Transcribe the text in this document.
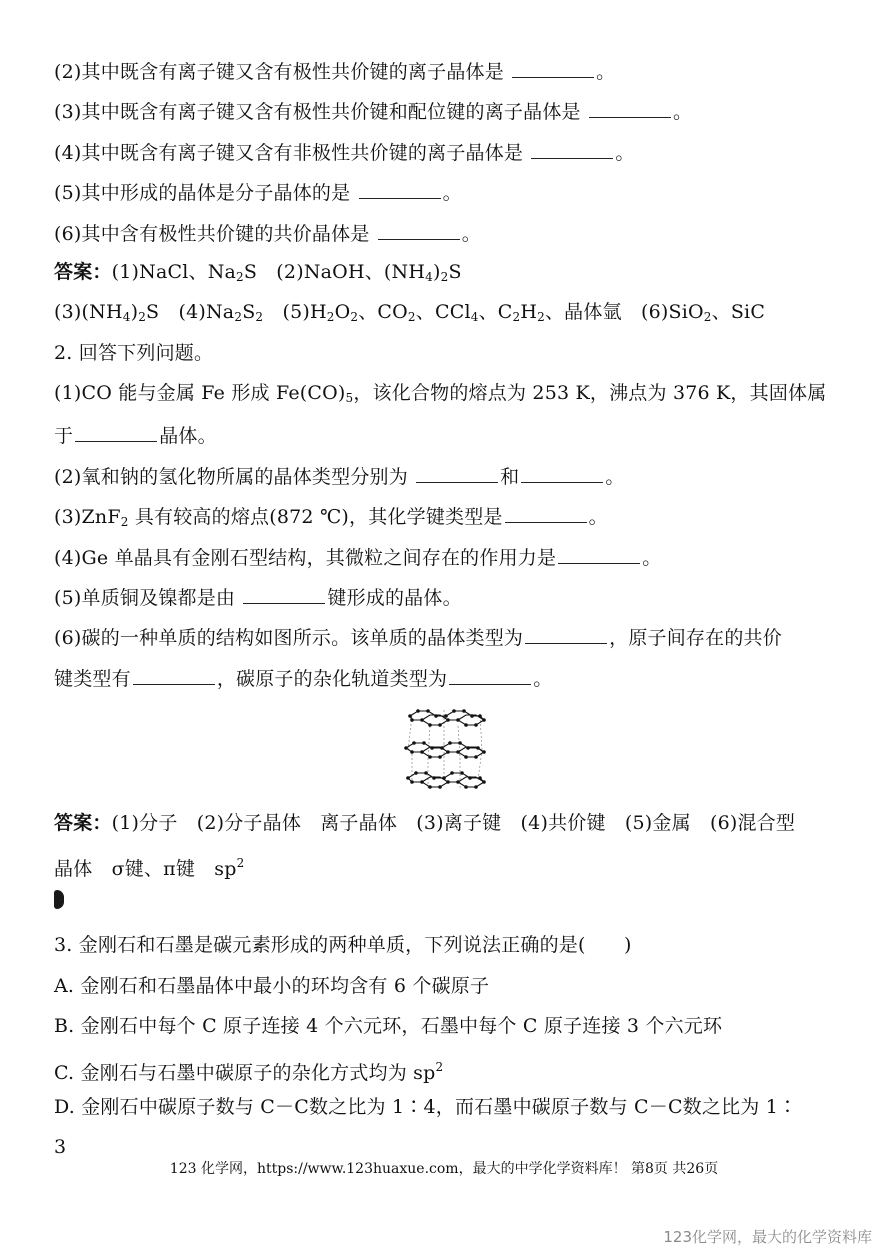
(2)其中既含有离子键又含有极性共价键的离子晶体是	。
(3)其中既含有离子键又含有极性共价键和配位键的离子晶体是	。
(4)其中既含有离子键又含有非极性共价键的离子晶体是	。
(5)其中形成的晶体是分子晶体的是	。
(6)其中含有极性共价键的共价晶体是	。
答案：(1)NaCl、$Na_2S$　(2)NaOH、$(NH_4)_2S$
$(3)(NH_4)_2S$　$(4)Na_2S_2$　$(5)H_2O_2$、$CO_2$、CCl$_4$、$C_2H_2$、晶体氩　(6)SiO$_2$、SiC
2. 回答下列问题。
(1)CO 能与金属 Fe 形成 $Fe(CO)_5$，该化合物的熔点为 253 K，沸点为 376 K，其固体属
于	晶体。
(2)氧和钠的氢化物所属的晶体类型分别为	和	。
(3)ZnF$_2$ 具有较高的熔点(872 ℃)，其化学键类型是	。
(4)Ge 单晶具有金刚石型结构，其微粒之间存在的作用力是	。
(5)单质铜及镍都是由	键形成的晶体。
(6)碳的一种单质的结构如图所示。该单质的晶体类型为	，原子间存在的共价
键类型有	，碳原子的杂化轨道类型为	。
答案：(1)分子　(2)分子晶体　离子晶体　(3)离子键　(4)共价键　(5)金属　(6)混合型
晶体　σ键、π键　$sp^2$
3. 金刚石和石墨是碳元素形成的两种单质，下列说法正确的是(　　)
A. 金刚石和石墨晶体中最小的环均含有 6 个碳原子
B. 金刚石中每个 C 原子连接 4 个六元环，石墨中每个 C 原子连接 3 个六元环
C. 金刚石与石墨中碳原子的杂化方式均为 $sp^2$
D. 金刚石中碳原子数与 C－C数之比为 1∶4，而石墨中碳原子数与 C－C数之比为 1∶
3
123 化学网，https://www.123huaxue.com，最大的中学化学资料库！ 第8页 共26页
123化学网，最大的化学资料库
